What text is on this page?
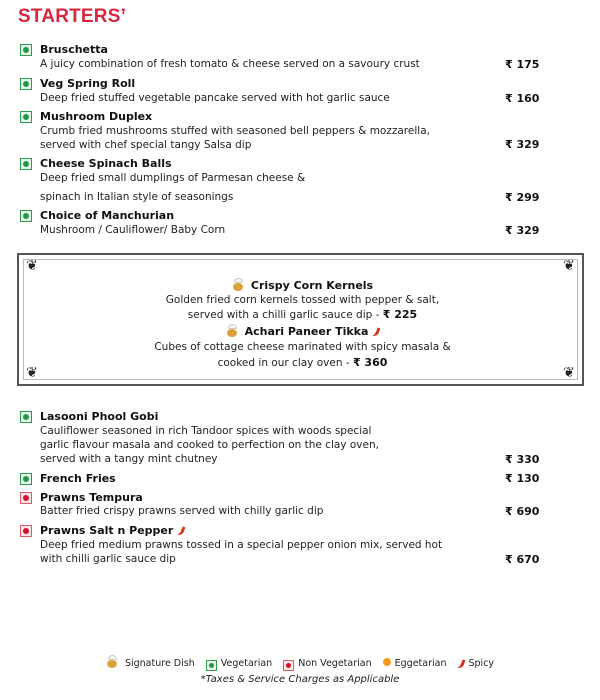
STARTERS’
Bruschetta
A juicy combination of fresh tomato & cheese served on a savoury crust	₹ 175
Veg Spring Roll
Deep fried stuffed vegetable pancake served with hot garlic sauce	₹ 160
Mushroom Duplex
Crumb fried mushrooms stuffed with seasoned bell peppers & mozzarella,
served with chef special tangy Salsa dip	₹ 329
Cheese Spinach Balls
Deep fried small dumplings of Parmesan cheese &
spinach in Italian style of seasonings	₹ 299
Choice of Manchurian
Mushroom / Cauliflower/ Baby Corn	₹ 329
❦	❦
❦	❦
Crispy Corn Kernels
Golden fried corn kernels tossed with pepper & salt,
served with a chilli garlic sauce dip - ₹ 225
Achari Paneer Tikka
Cubes of cottage cheese marinated with spicy masala &
cooked in our clay oven - ₹ 360
Lasooni Phool Gobi
Cauliflower seasoned in rich Tandoor spices with woods special
garlic flavour masala and cooked to perfection on the clay oven,
served with a tangy mint chutney	₹ 330
French Fries	₹ 130
Prawns Tempura
Batter fried crispy prawns served with chilly garlic dip	₹ 690
Prawns Salt n Pepper
Deep fried medium prawns tossed in a special pepper onion mix, served hot
with chilli garlic sauce dip	₹ 670
Signature Dish	Vegetarian	Non Vegetarian Eggetarian Spicy
*Taxes & Service Charges as Applicable
